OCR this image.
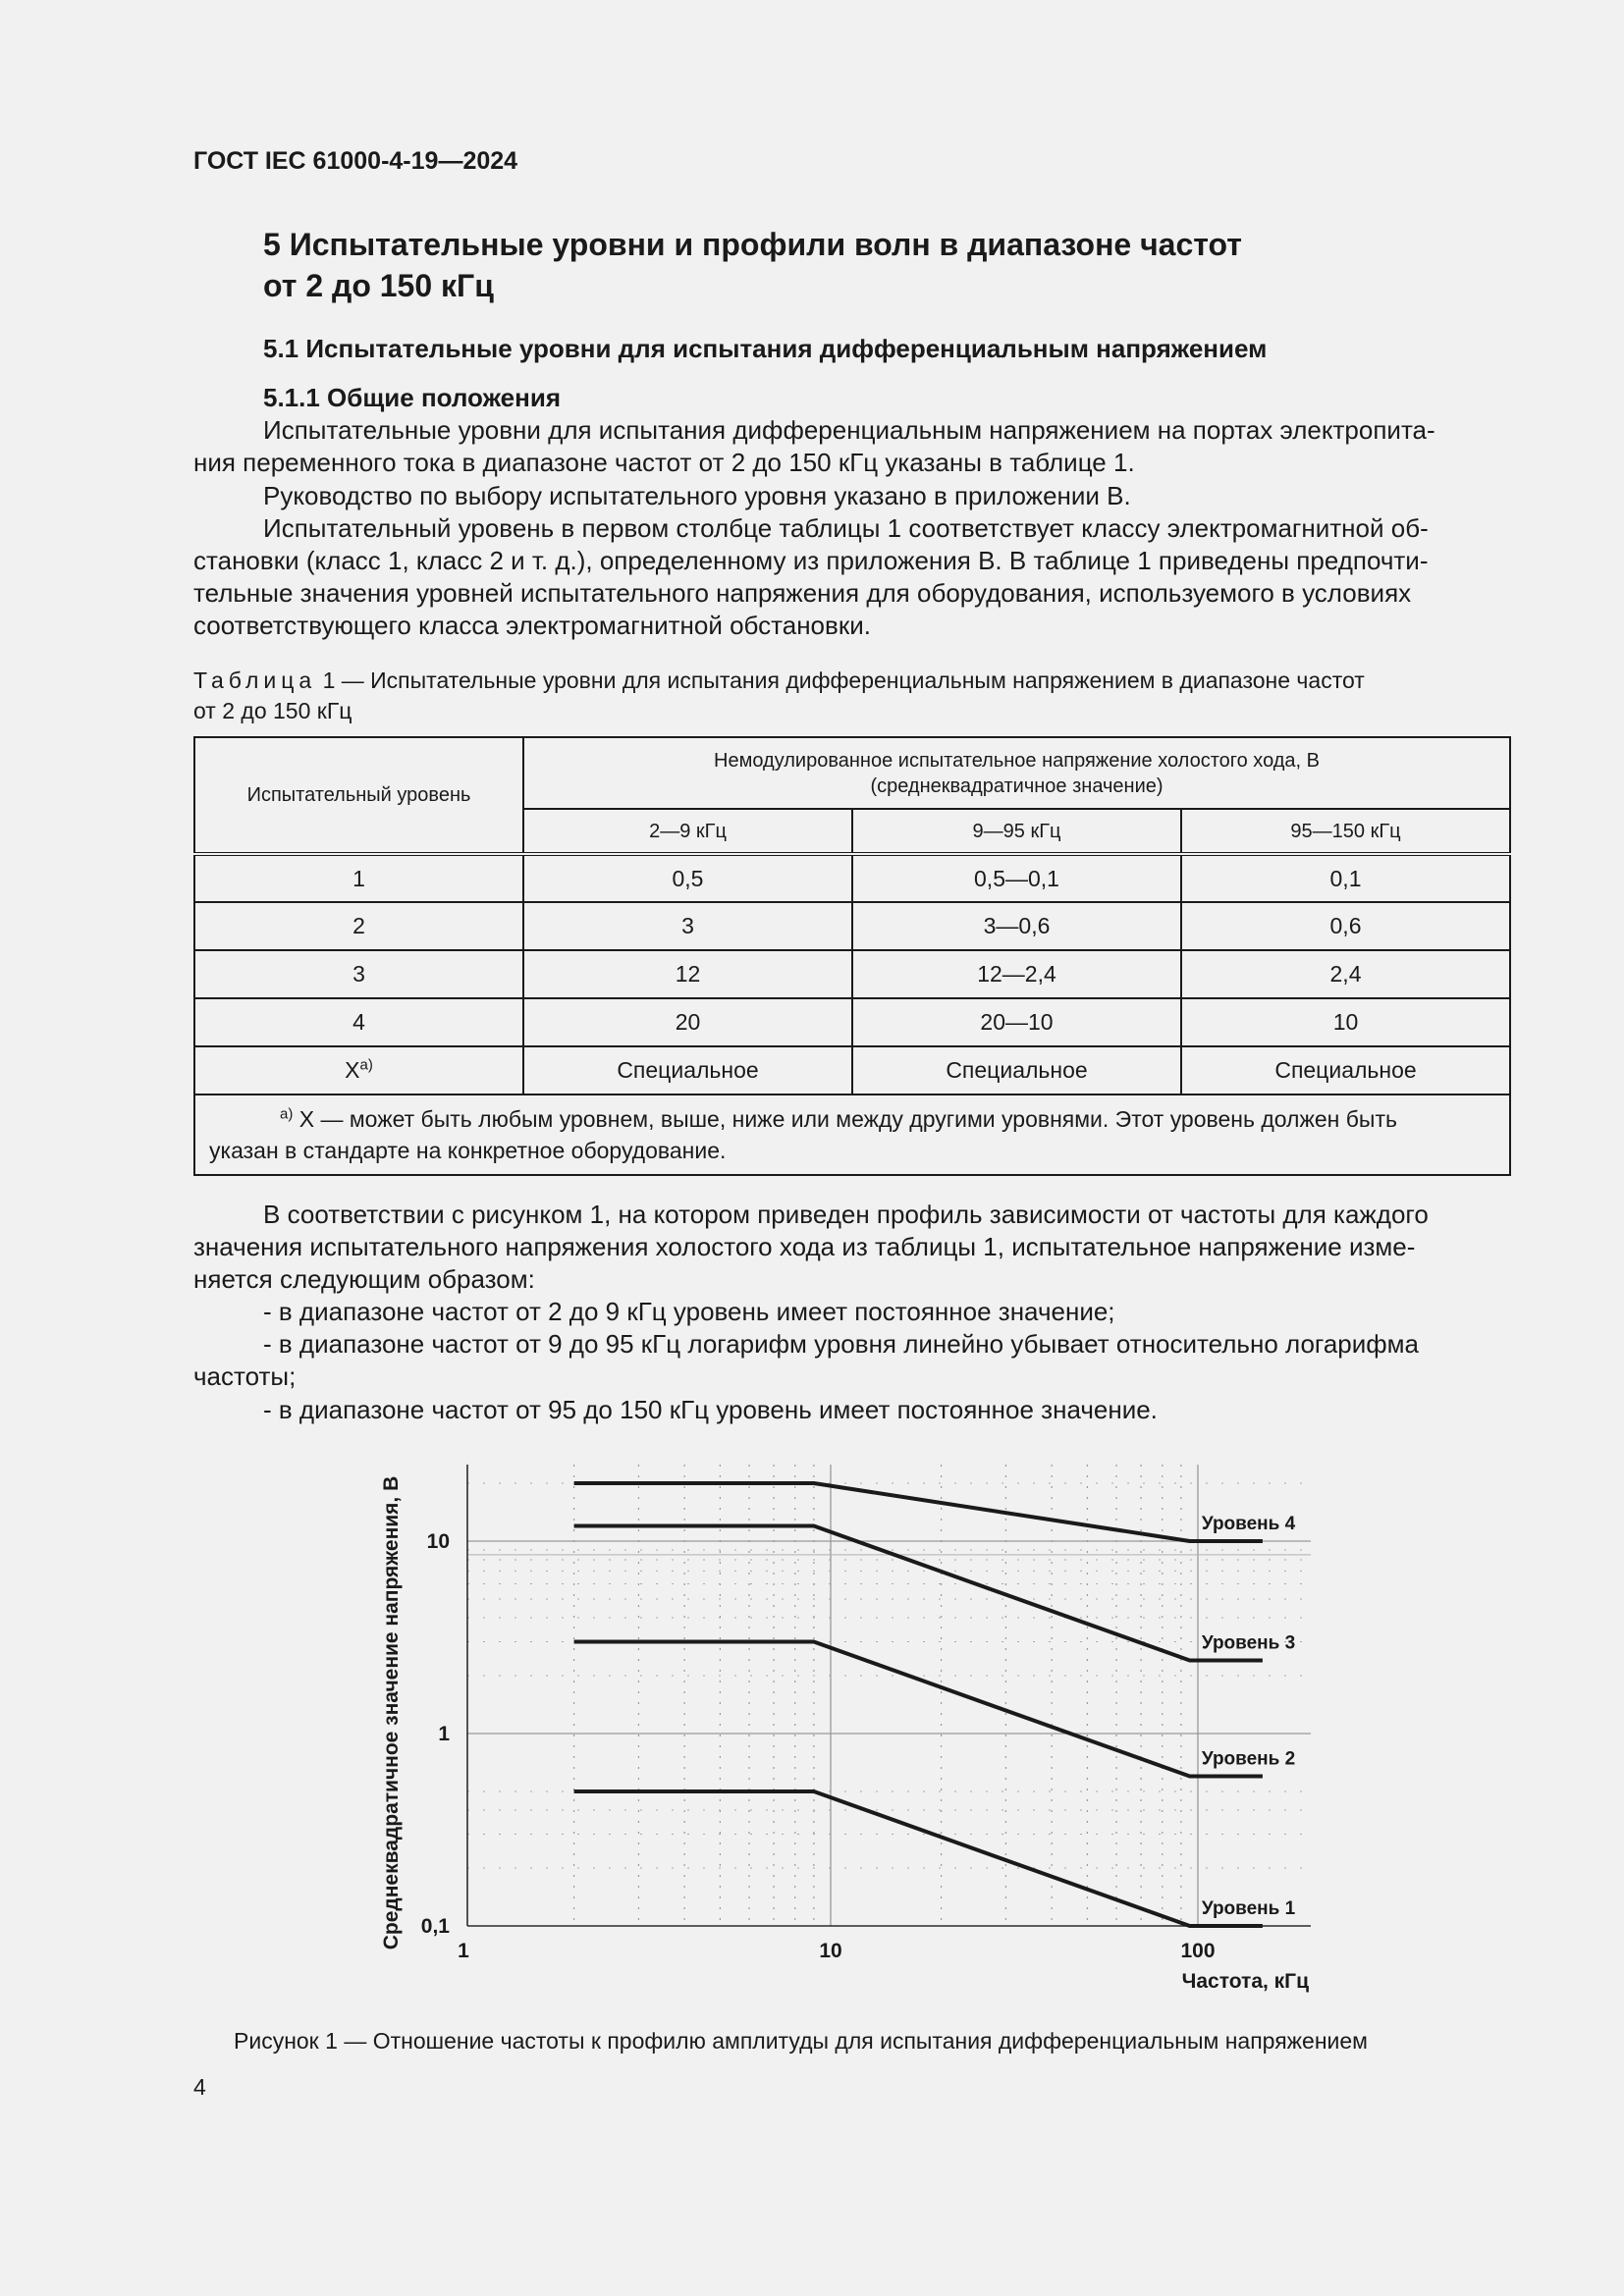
ГОСТ IEC 61000-4-19—2024
5 Испытательные уровни и профили волн в диапазоне частот
от 2 до 150 кГц
5.1 Испытательные уровни для испытания дифференциальным напряжением
5.1.1 Общие положения
Испытательные уровни для испытания дифференциальным напряжением на портах электропита-
ния переменного тока в диапазоне частот от 2 до 150 кГц указаны в таблице 1.
Руководство по выбору испытательного уровня указано в приложении В.
Испытательный уровень в первом столбце таблицы 1 соответствует классу электромагнитной об-
становки (класс 1, класс 2 и т. д.), определенному из приложения В. В таблице 1 приведены предпочти-
тельные значения уровней испытательного напряжения для оборудования, используемого в условиях
соответствующего класса электромагнитной обстановки.
Таблица 1 — Испытательные уровни для испытания дифференциальным напряжением в диапазоне частот
от 2 до 150 кГц
Испытательный уровень	Немодулированное испытательное напряжение холостого хода, В
(среднеквадратичное значение)		

	2—9 кГц	9—95 кГц	95—150 кГц
1	0,5	0,5—0,1	0,1
2	3	3—0,6	0,6
3	12	12—2,4	2,4
4	20	20—10	10
$Х^{a)}$	Специальное	Специальное	Специальное

$^{a)}$ Х — может быть любым уровнем, выше, ниже или между другими уровнями. Этот уровень должен быть
указан в стандарте на конкретное оборудование.			
В соответствии с рисунком 1, на котором приведен профиль зависимости от частоты для каждого
значения испытательного напряжения холостого хода из таблицы 1, испытательное напряжение изме-
няется следующим образом:
- в диапазоне частот от 2 до 9 кГц уровень имеет постоянное значение;
- в диапазоне частот от 9 до 95 кГц логарифм уровня линейно убывает относительно логарифма
частоты;
- в диапазоне частот от 95 до 150 кГц уровень имеет постоянное значение.
Уровень 1
Уровень 2
Уровень 3
Уровень 4
1	10	100
0,1
1
10
Частота, кГц
Среднеквадратичное значение напряжения, В
Рисунок 1 — Отношение частоты к профилю амплитуды для испытания дифференциальным напряжением
4
